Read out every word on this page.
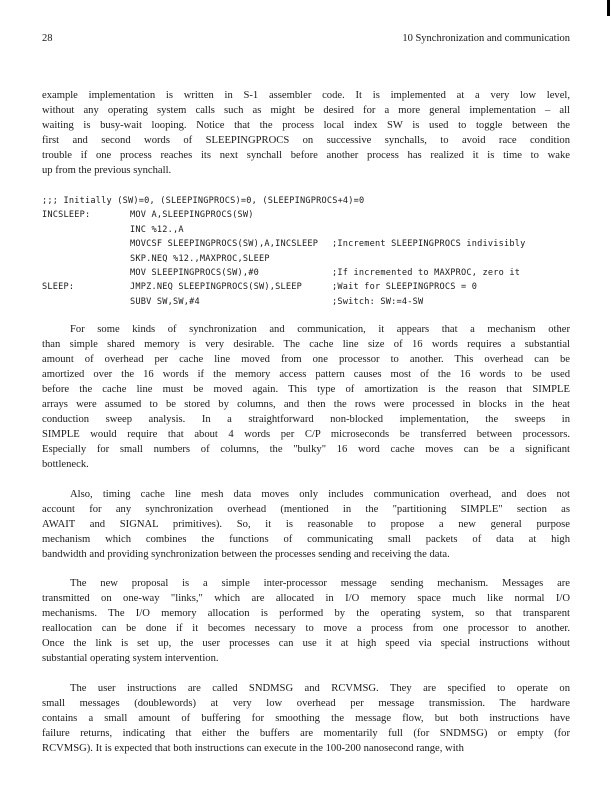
28	10 Synchronization and communication
example implementation is written in S-1 assembler code. It is implemented at a very low level,
without any operating system calls such as might be desired for a more general implementation – all
waiting is busy-wait looping. Notice that the process local index SW is used to toggle between the
first and second words of SLEEPINGPROCS on successive synchalls, to avoid race condition
trouble if one process reaches its next synchall before another process has realized it is time to wake
up from the previous synchall.
For some kinds of synchronization and communication, it appears that a mechanism other
than simple shared memory is very desirable. The cache line size of 16 words requires a substantial
amount of overhead per cache line moved from one processor to another. This overhead can be
amortized over the 16 words if the memory access pattern causes most of the 16 words to be used
before the cache line must be moved again. This type of amortization is the reason that SIMPLE
arrays were assumed to be stored by columns, and then the rows were processed in blocks in the heat
conduction sweep analysis. In a straightforward non-blocked implementation, the sweeps in
SIMPLE would require that about 4 words per C/P microseconds be transferred between processors.
Especially for small numbers of columns, the "bulky" 16 word cache moves can be a significant
bottleneck.
Also, timing cache line mesh data moves only includes communication overhead, and does not
account for any synchronization overhead (mentioned in the "partitioning SIMPLE" section as
AWAIT and SIGNAL primitives). So, it is reasonable to propose a new general purpose
mechanism which combines the functions of communicating small packets of data at high
bandwidth and providing synchronization between the processes sending and receiving the data.
The new proposal is a simple inter-processor message sending mechanism. Messages are
transmitted on one-way "links," which are allocated in I/O memory space much like normal I/O
mechanisms. The I/O memory allocation is performed by the operating system, so that transparent
reallocation can be done if it becomes necessary to move a process from one processor to another.
Once the link is set up, the user processes can use it at high speed via special instructions without
substantial operating system intervention.
The user instructions are called SNDMSG and RCVMSG. They are specified to operate on
small messages (doublewords) at very low overhead per message transmission. The hardware
contains a small amount of buffering for smoothing the message flow, but both instructions have
failure returns, indicating that either the buffers are momentarily full (for SNDMSG) or empty (for
RCVMSG). It is expected that both instructions can execute in the 100-200 nanosecond range, with
;;; Initially (SW)=0, (SLEEPINGPROCS)=0, (SLEEPINGPROCS+4)=0
INCSLEEP:	MOV A,SLEEPINGPROCS(SW)
INC %12.,A
MOVCSF SLEEPINGPROCS(SW),A,INCSLEEP ;Increment SLEEPINGPROCS indivisibly
SKP.NEQ %12.,MAXPROC,SLEEP
MOV SLEEPINGPROCS(SW),#0	;If incremented to MAXPROC, zero it
SLEEP:	JMPZ.NEQ SLEEPINGPROCS(SW),SLEEP	;Wait for SLEEPINGPROCS = 0
SUBV SW,SW,#4	;Switch: SW:=4-SW
